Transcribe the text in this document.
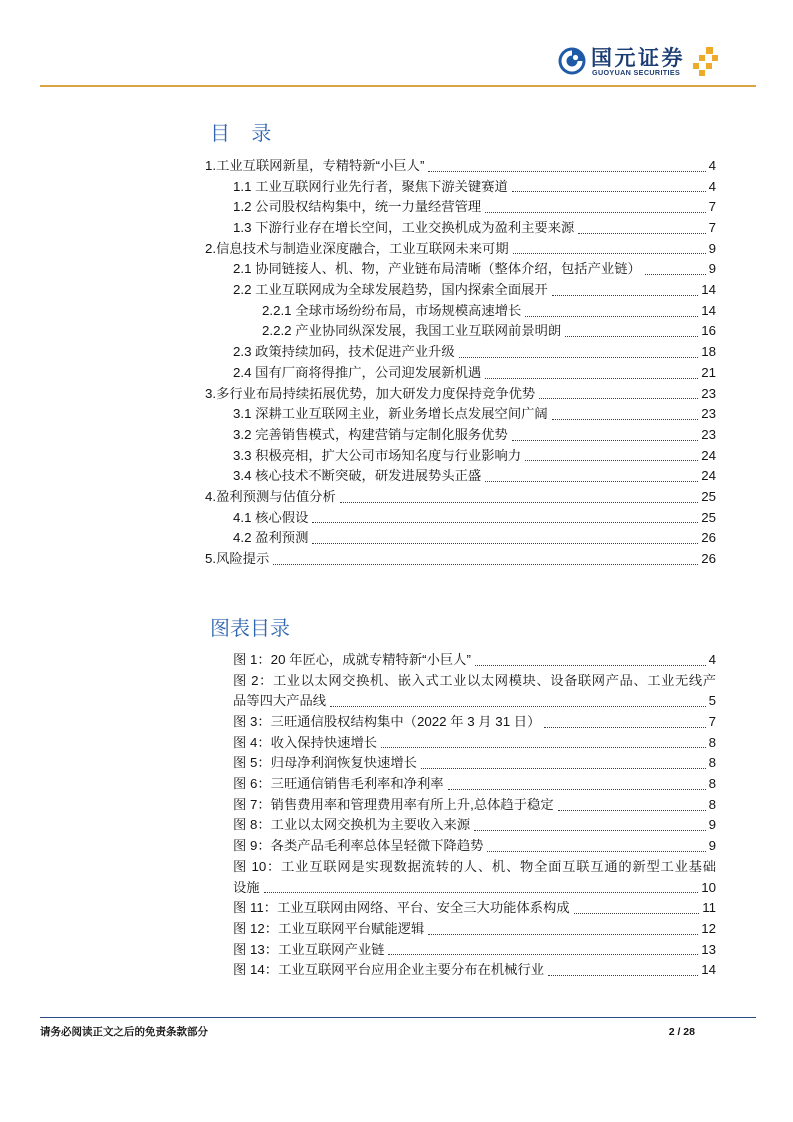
国元证券
GUOYUAN SECURITIES
目 录
1.工业互联网新星，专精特新“小巨人”	4
1.1 工业互联网行业先行者，聚焦下游关键赛道	4
1.2 公司股权结构集中，统一力量经营管理	7
1.3 下游行业存在增长空间，工业交换机成为盈利主要来源	7
2.信息技术与制造业深度融合，工业互联网未来可期	9
2.1 协同链接人、机、物，产业链布局清晰（整体介绍，包括产业链）	9
2.2 工业互联网成为全球发展趋势，国内探索全面展开	14
2.2.1 全球市场纷纷布局，市场规模高速增长	14
2.2.2 产业协同纵深发展，我国工业互联网前景明朗	16
2.3 政策持续加码，技术促进产业升级	18
2.4 国有厂商将得推广，公司迎发展新机遇	21
3.多行业布局持续拓展优势，加大研发力度保持竞争优势	23
3.1 深耕工业互联网主业，新业务增长点发展空间广阔	23
3.2 完善销售模式，构建营销与定制化服务优势	23
3.3 积极亮相，扩大公司市场知名度与行业影响力	24
3.4 核心技术不断突破，研发进展势头正盛	24
4.盈利预测与估值分析	25
4.1 核心假设	25
4.2 盈利预测	26
5.风险提示	26
图表目录
图 1：20 年匠心，成就专精特新“小巨人”	4
图 2：工业以太网交换机、嵌入式工业以太网模块、设备联网产品、工业无线产
品等四大产品线	5
图 3：三旺通信股权结构集中（2022 年 3 月 31 日）	7
图 4：收入保持快速增长	8
图 5：归母净利润恢复快速增长	8
图 6：三旺通信销售毛利率和净利率	8
图 7：销售费用率和管理费用率有所上升,总体趋于稳定	8
图 8：工业以太网交换机为主要收入来源	9
图 9：各类产品毛利率总体呈轻微下降趋势	9
图 10：工业互联网是实现数据流转的人、机、物全面互联互通的新型工业基础
设施	10
图 11：工业互联网由网络、平台、安全三大功能体系构成	11
图 12：工业互联网平台赋能逻辑	12
图 13：工业互联网产业链	13
图 14：工业互联网平台应用企业主要分布在机械行业	14
请务必阅读正文之后的免责条款部分	2 / 28
